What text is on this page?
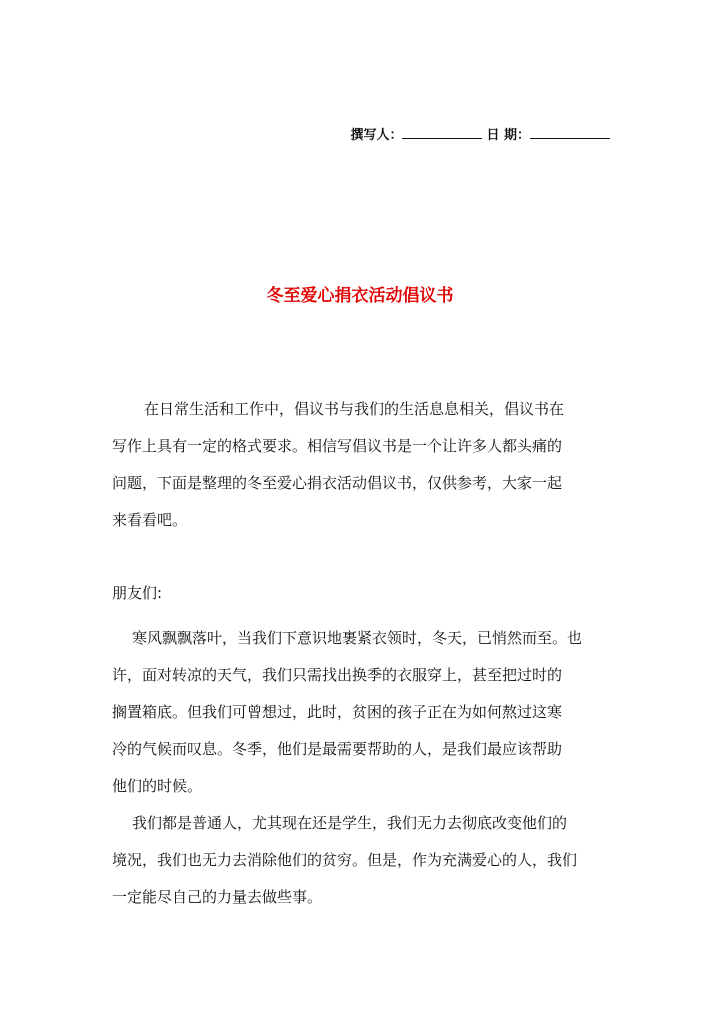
撰写人：	日 期：
冬至爱心捐衣活动倡议书
在日常生活和工作中，倡议书与我们的生活息息相关，倡议书在
写作上具有一定的格式要求。相信写倡议书是一个让许多人都头痛的
问题，下面是整理的冬至爱心捐衣活动倡议书，仅供参考，大家一起
来看看吧。
朋友们:
寒风飘飘落叶，当我们下意识地裹紧衣领时，冬天，已悄然而至。也
许，面对转凉的天气，我们只需找出换季的衣服穿上，甚至把过时的
搁置箱底。但我们可曾想过，此时，贫困的孩子正在为如何熬过这寒
冷的气候而叹息。冬季，他们是最需要帮助的人，是我们最应该帮助
他们的时候。
我们都是普通人，尤其现在还是学生，我们无力去彻底改变他们的
境况，我们也无力去消除他们的贫穷。但是，作为充满爱心的人，我们
一定能尽自己的力量去做些事。
